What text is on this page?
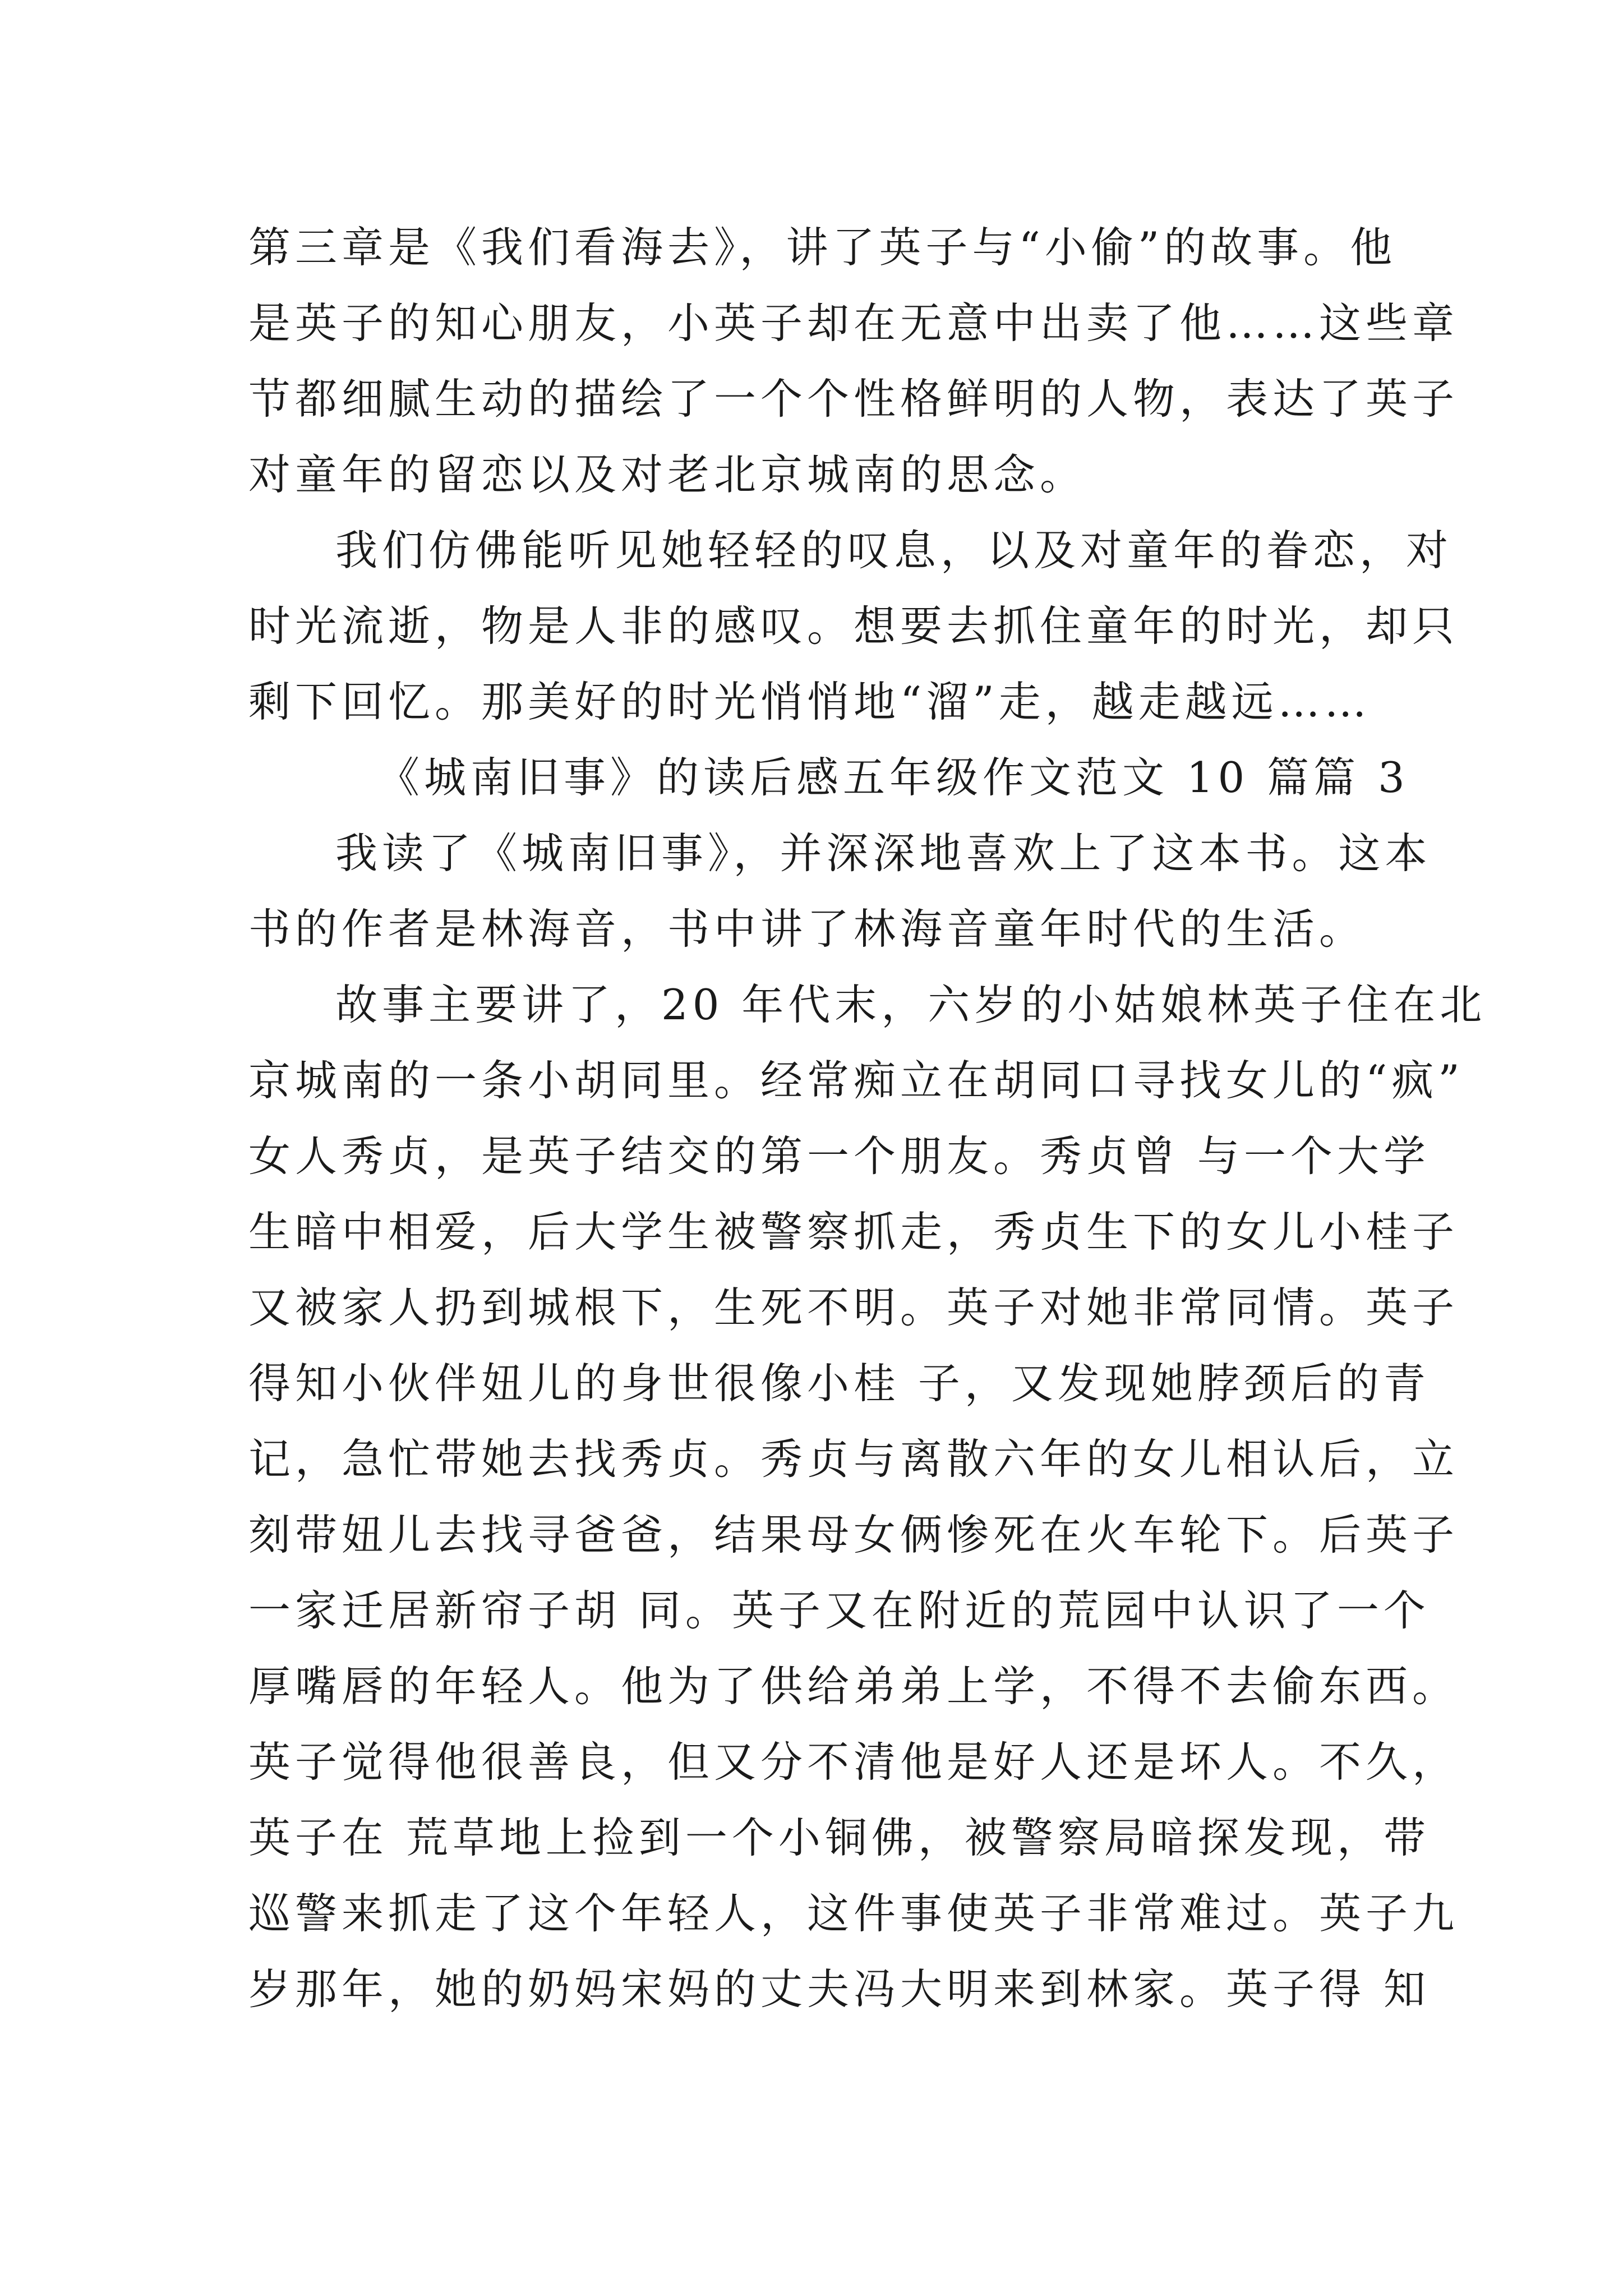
第三章是《我们看海去》，讲了英子与“小偷”的故事。他
是英子的知心朋友，小英子却在无意中出卖了他……这些章
节都细腻生动的描绘了一个个性格鲜明的人物，表达了英子
对童年的留恋以及对老北京城南的思念。
我们仿佛能听见她轻轻的叹息，以及对童年的眷恋，对
时光流逝，物是人非的感叹。想要去抓住童年的时光，却只
剩下回忆。那美好的时光悄悄地“溜”走，越走越远……
《城南旧事》的读后感五年级作文范文 10 篇篇 3
我读了《城南旧事》，并深深地喜欢上了这本书。这本
书的作者是林海音，书中讲了林海音童年时代的生活。
故事主要讲了，20 年代末，六岁的小姑娘林英子住在北
京城南的一条小胡同里。经常痴立在胡同口寻找女儿的“疯”
女人秀贞，是英子结交的第一个朋友。秀贞曾 与一个大学
生暗中相爱，后大学生被警察抓走，秀贞生下的女儿小桂子
又被家人扔到城根下，生死不明。英子对她非常同情。英子
得知小伙伴妞儿的身世很像小桂 子，又发现她脖颈后的青
记，急忙带她去找秀贞。秀贞与离散六年的女儿相认后，立
刻带妞儿去找寻爸爸，结果母女俩惨死在火车轮下。后英子
一家迁居新帘子胡 同。英子又在附近的荒园中认识了一个
厚嘴唇的年轻人。他为了供给弟弟上学，不得不去偷东西。
英子觉得他很善良，但又分不清他是好人还是坏人。不久，
英子在 荒草地上捡到一个小铜佛，被警察局暗探发现，带
巡警来抓走了这个年轻人，这件事使英子非常难过。英子九
岁那年，她的奶妈宋妈的丈夫冯大明来到林家。英子得 知
